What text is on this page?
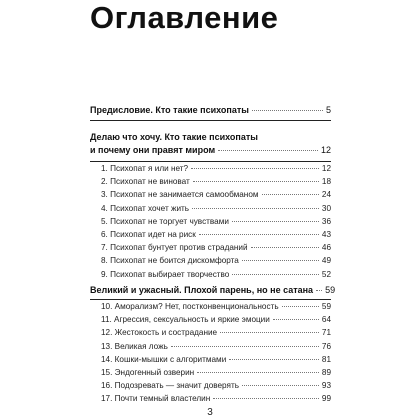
Оглавление
Предисловие. Кто такие психопаты	5
Делаю что хочу. Кто такие психопаты
и почему они правят миром	12
1. Психопат я или нет?	12
2. Психопат не виноват	18
3. Психопат не занимается самообманом	24
4. Психопат хочет жить	30
5. Психопат не торгует чувствами	36
6. Психопат идет на риск	43
7. Психопат бунтует против страданий	46
8. Психопат не боится дискомфорта	49
9. Психопат выбирает творчество	52
Великий и ужасный. Плохой парень, но не сатана 59
10. Аморализм? Нет, постконвенциональность	59
11. Агрессия, сексуальность и яркие эмоции	64
12. Жестокость и сострадание	71
13. Великая ложь	76
14. Кошки-мышки с алгоритмами	81
15. Эндогенный озверин	89
16. Подозревать — значит доверять	93
17. Почти темный властелин	99
3
